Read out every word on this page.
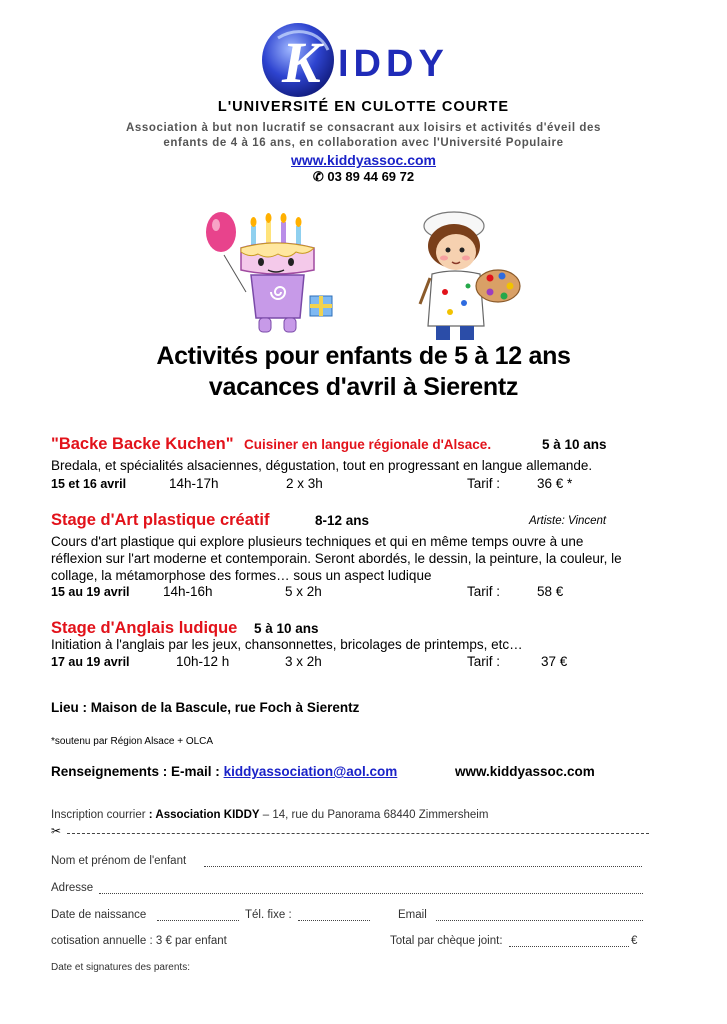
K IDDY
L'UNIVERSITÉ EN CULOTTE COURTE
Association à but non lucratif se consacrant aux loisirs et activités d'éveil des
enfants de 4 à 16 ans, en collaboration avec l'Université Populaire
www.kiddyassoc.com
✆ 03 89 44 69 72
Activités pour enfants de 5 à 12 ans
vacances d'avril à Sierentz
"Backe Backe Kuchen" Cuisiner en langue régionale d'Alsace.	5 à 10 ans
Bredala, et spécialités alsaciennes, dégustation, tout en progressant en langue allemande.
15 et 16 avril	14h-17h	2 x 3h	Tarif :	36 € *
Stage d'Art plastique créatif	8-12 ans	Artiste: Vincent
Cours d'art plastique qui explore plusieurs techniques et qui en même temps ouvre à une
réflexion sur l'art moderne et contemporain. Seront abordés, le dessin, la peinture, la couleur, le
collage, la métamorphose des formes… sous un aspect ludique
15 au 19 avril 14h-16h	5 x 2h	Tarif :	58 €
Stage d'Anglais ludique 5 à 10 ans
Initiation à l'anglais par les jeux, chansonnettes, bricolages de printemps, etc…
17 au 19 avril	10h-12 h	3 x 2h	Tarif :	37 €
Lieu : Maison de la Bascule, rue Foch à Sierentz
*soutenu par Région Alsace + OLCA
Renseignements : E-mail : kiddyassociation@aol.com	www.kiddyassoc.com
Inscription courrier : Association KIDDY – 14, rue du Panorama 68440 Zimmersheim
✂
Nom et prénom de l'enfant
Adresse
Date de naissance	Tél. fixe :	Email
cotisation annuelle : 3 € par enfant	Total par chèque joint:	€
Date et signatures des parents:
